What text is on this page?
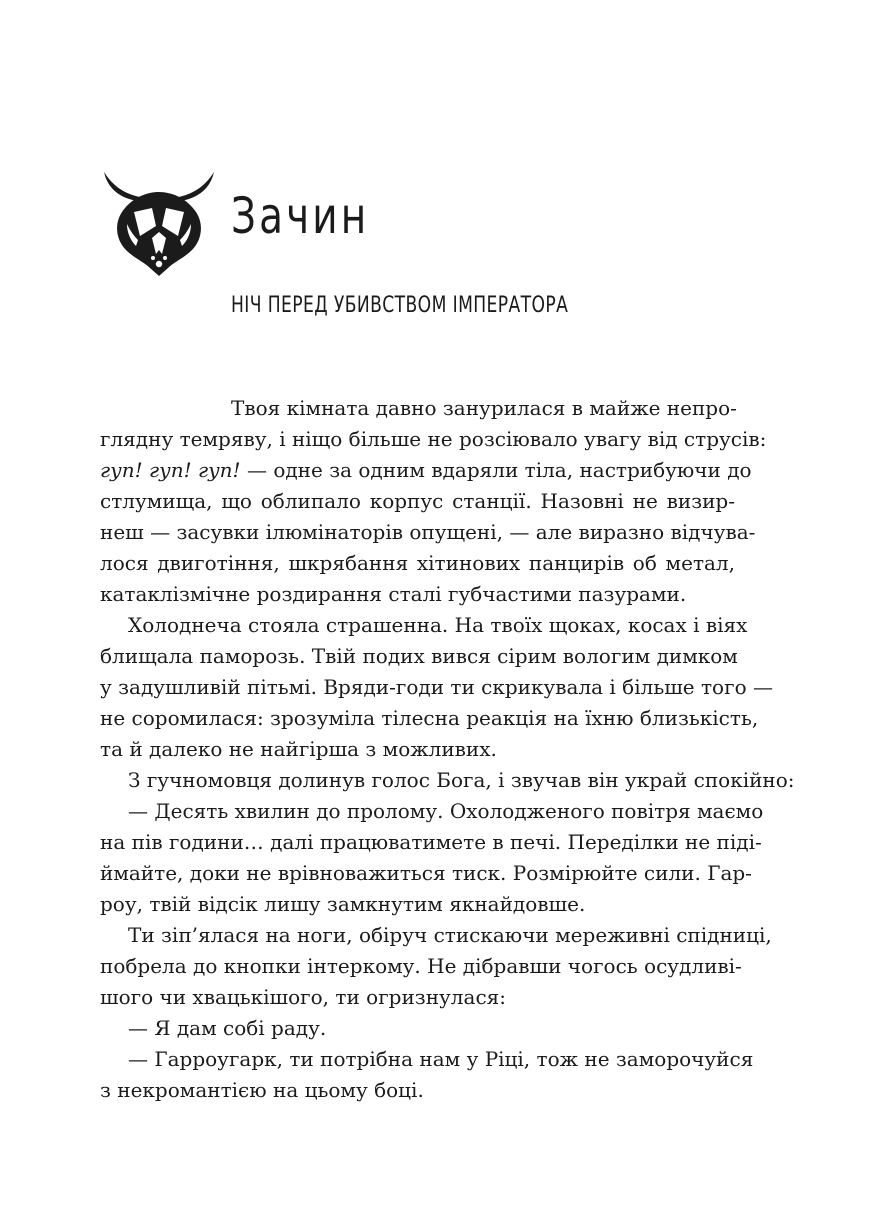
Зачин
НІЧ ПЕРЕД УБИВСТВОМ ІМПЕРАТОРА
Твоя кімната давно занурилася в майже непро-
глядну темряву, і ніщо більше не розсіювало увагу від струсів:
гуп! гуп! гуп! — одне за одним вдаряли тіла, настрибуючи до
стлумища, що облипало корпус станції. Назовні не визир-
неш — засувки ілюмінаторів опущені, — але виразно відчува-
лося двиготіння, шкрябання хітинових панцирів об метал,
катаклізмічне роздирання сталі губчастими пазурами.
Холоднеча стояла страшенна. На твоїх щоках, косах і віях
блищала паморозь. Твій подих вився сірим вологим димком
у задушливій пітьмі. Вряди-годи ти скрикувала і більше того —
не соромилася: зрозуміла тілесна реакція на їхню близькість,
та й далеко не найгірша з можливих.
З гучномовця долинув голос Бога, і звучав він украй спокійно:
— Десять хвилин до пролому. Охолодженого повітря маємо
на пів години… далі працюватимете в печі. Переділки не піді-
ймайте, доки не врівноважиться тиск. Розмірюйте сили. Гар-
роу, твій відсік лишу замкнутим якнайдовше.
Ти зіп’ялася на ноги, обіруч стискаючи мереживні спідниці,
побрела до кнопки інтеркому. Не дібравши чогось осудливі-
шого чи хвацькішого, ти огризнулася:
— Я дам собі раду.
— Гарроугарк, ти потрібна нам у Ріці, тож не заморочуйся
з некромантією на цьому боці.
